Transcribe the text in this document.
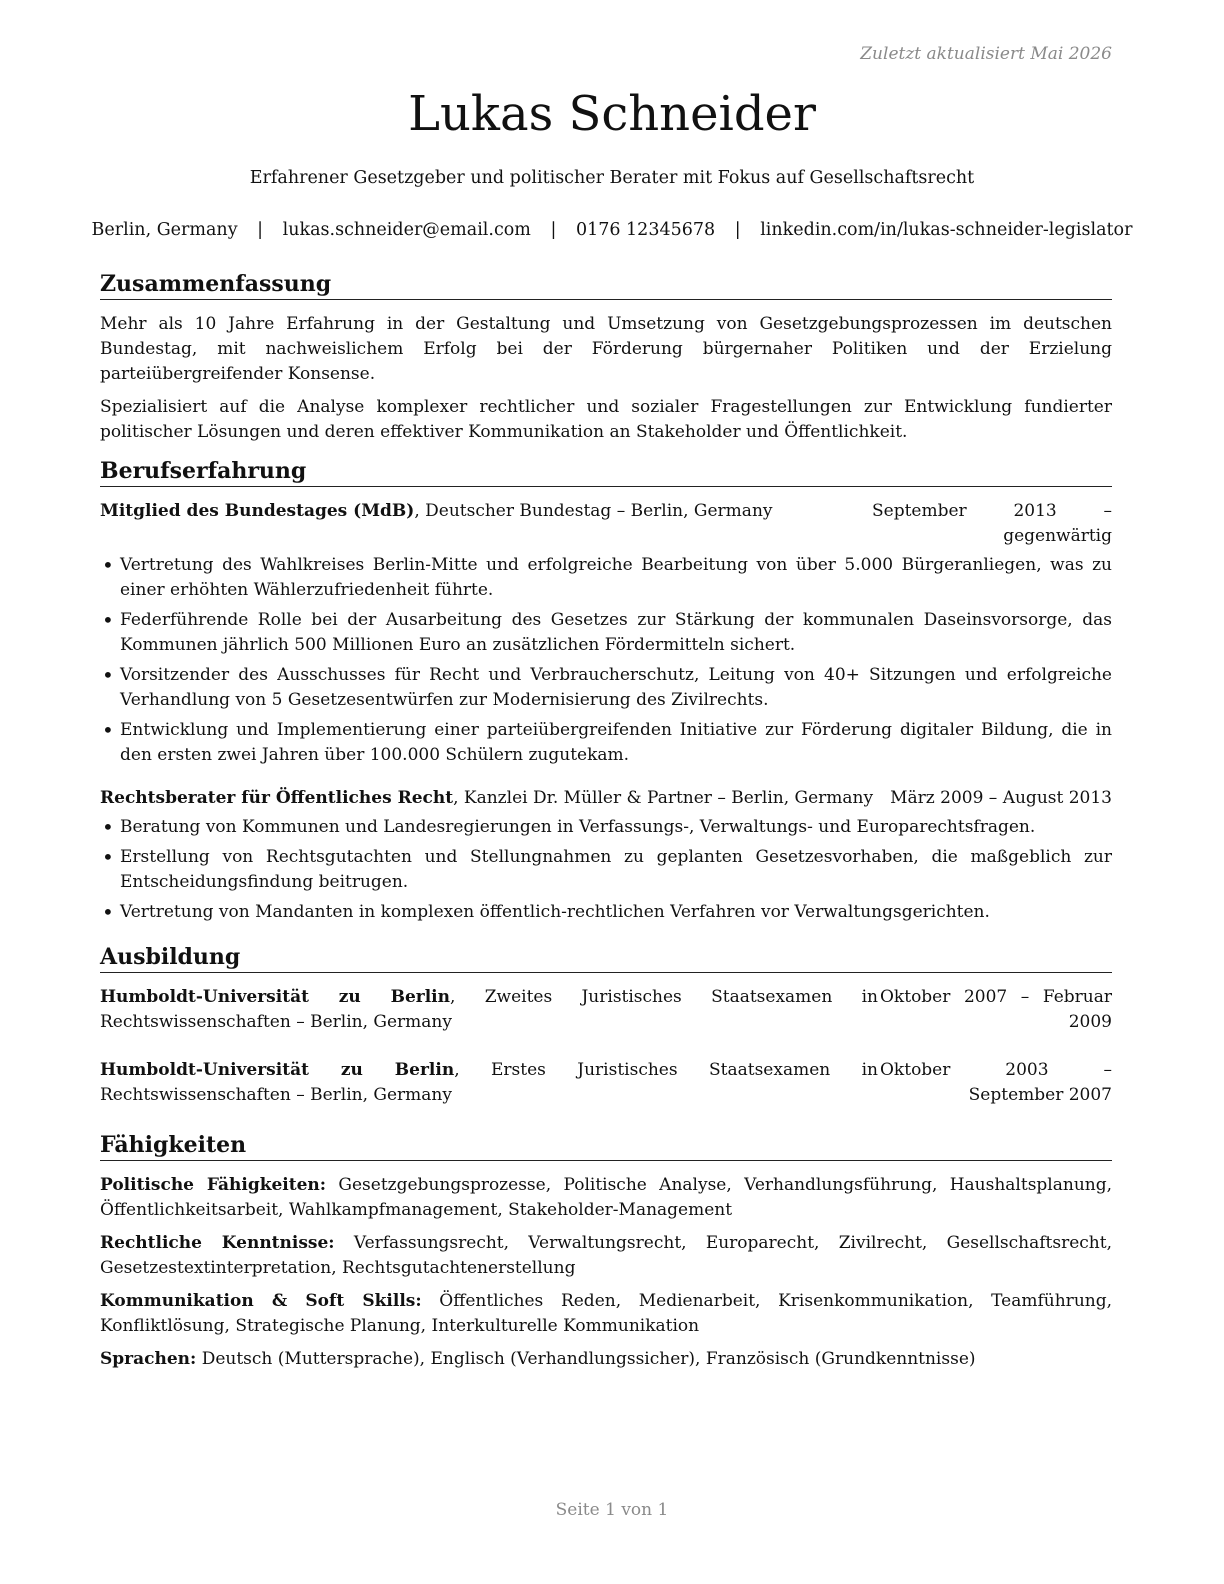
Zuletzt aktualisiert Mai 2026
Lukas Schneider
Erfahrener Gesetzgeber und politischer Berater mit Fokus auf Gesellschaftsrecht
Berlin, Germany | lukas.schneider@email.com | 0176 12345678 | linkedin.com/in/lukas-schneider-legislator
Zusammenfassung

Mehr als 10 Jahre Erfahrung in der Gestaltung und Umsetzung von Gesetzgebungsprozessen im deutschen Bundestag, mit nachweislichem Erfolg bei der Förderung bürgernaher Politiken und der Erzielung parteiübergreifender Konsense.

Spezialisiert auf die Analyse komplexer rechtlicher und sozialer Fragestellungen zur Entwicklung fundierter politischer Lösungen und deren effektiver Kommunikation an Stakeholder und Öffentlichkeit.

Berufserfahrung
Mitglied des Bundestages (MdB), Deutscher Bundestag – Berlin, Germany	September 2013 – gegenwärtig
• Vertretung des Wahlkreises Berlin-Mitte und erfolgreiche Bearbeitung von über 5.000 Bürgeranliegen, was zu einer erhöhten Wählerzufriedenheit führte.
• Federführende Rolle bei der Ausarbeitung des Gesetzes zur Stärkung der kommunalen Daseinsvorsorge, das Kommunen jährlich 500 Millionen Euro an zusätzlichen Fördermitteln sichert.
• Vorsitzender des Ausschusses für Recht und Verbraucherschutz, Leitung von 40+ Sitzungen und erfolgreiche Verhandlung von 5 Gesetzesentwürfen zur Modernisierung des Zivilrechts.
• Entwicklung und Implementierung einer parteiübergreifenden Initiative zur Förderung digitaler Bildung, die in den ersten zwei Jahren über 100.000 Schülern zugutekam.
Rechtsberater für Öffentliches Recht, Kanzlei Dr. Müller & Partner – Berlin, Germany März 2009 – August 2013
• Beratung von Kommunen und Landesregierungen in Verfassungs-, Verwaltungs- und Europarechtsfragen.
• Erstellung von Rechtsgutachten und Stellungnahmen zu geplanten Gesetzesvorhaben, die maßgeblich zur Entscheidungsfindung beitrugen.
• Vertretung von Mandanten in komplexen öffentlich-rechtlichen Verfahren vor Verwaltungsgerichten.
Ausbildung
Humboldt-Universität zu Berlin, Zweites Juristisches Staatsexamen in Rechtswissenschaften – Berlin, Germany
Oktober 2007 – Februar 2009
Humboldt-Universität zu Berlin, Erstes Juristisches Staatsexamen in Rechtswissenschaften – Berlin, Germany
Oktober 2003 – September 2007
Fähigkeiten

Politische Fähigkeiten: Gesetzgebungsprozesse, Politische Analyse, Verhandlungsführung, Haushaltsplanung, Öffentlichkeitsarbeit, Wahlkampfmanagement, Stakeholder-Management

Rechtliche Kenntnisse: Verfassungsrecht, Verwaltungsrecht, Europarecht, Zivilrecht, Gesellschaftsrecht, Gesetzestextinterpretation, Rechtsgutachtenerstellung

Kommunikation & Soft Skills: Öffentliches Reden, Medienarbeit, Krisenkommunikation, Teamführung, Konfliktlösung, Strategische Planung, Interkulturelle Kommunikation

Sprachen: Deutsch (Muttersprache), Englisch (Verhandlungssicher), Französisch (Grundkenntnisse)

Seite 1 von 1
